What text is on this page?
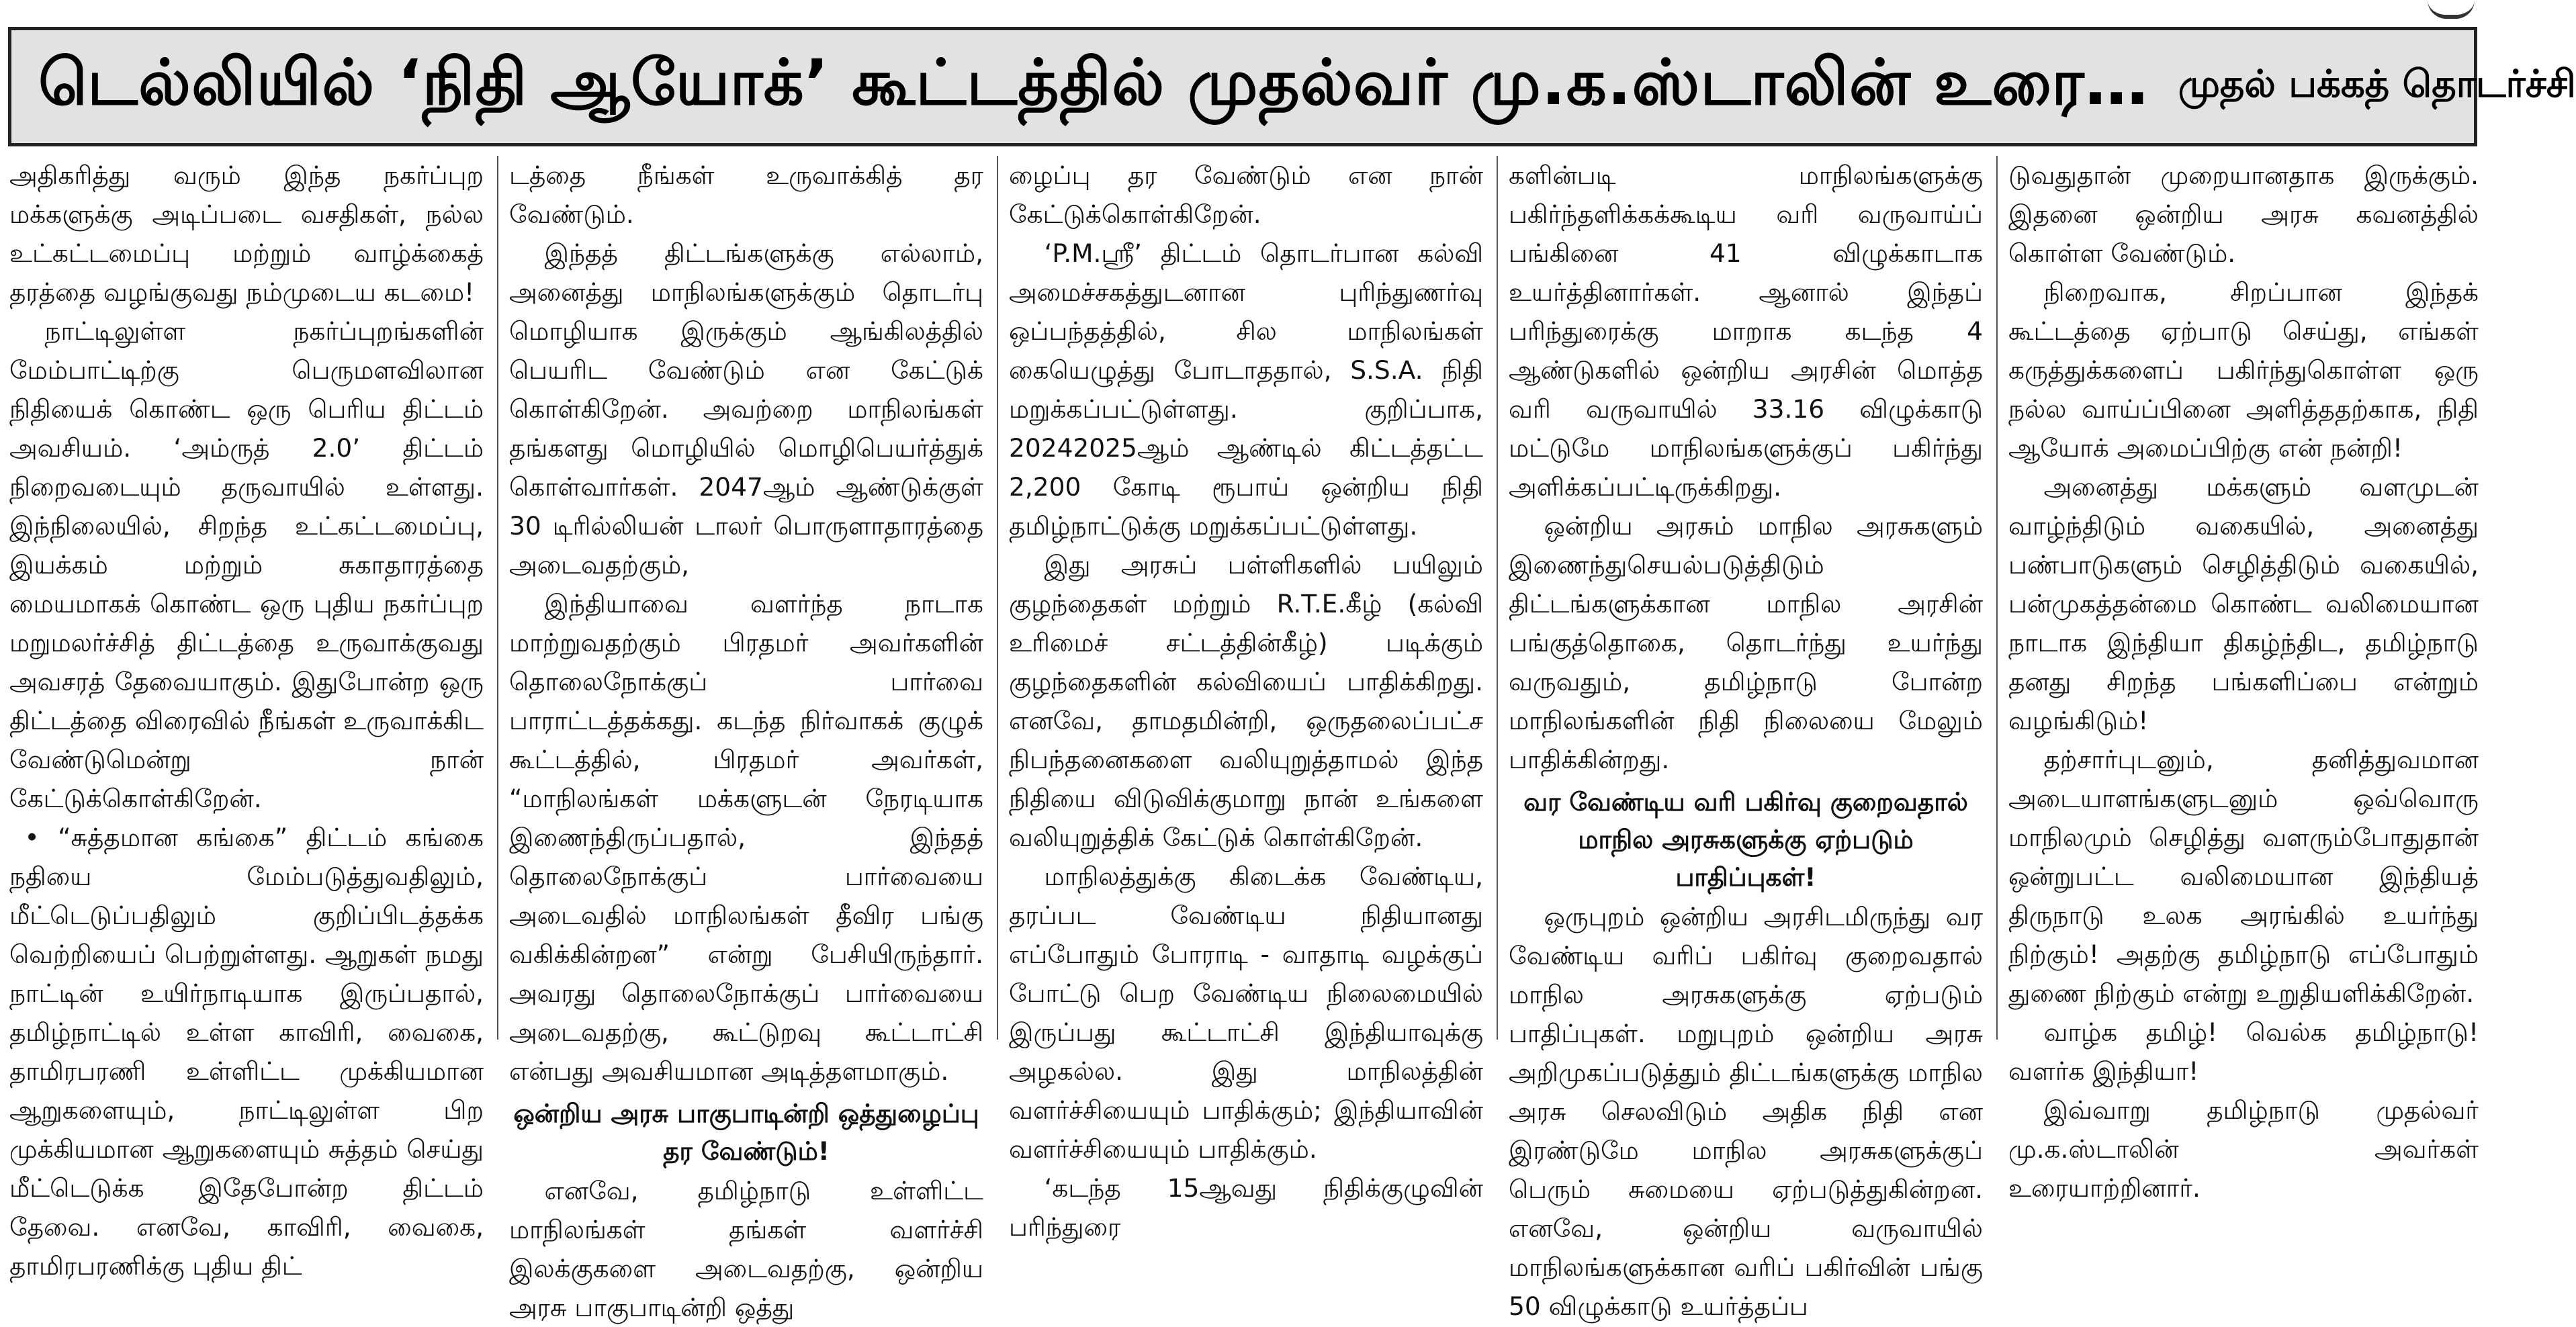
டெல்லியில் ‘நிதி ஆயோக்’ கூட்டத்தில் முதல்வர் மு.க.ஸ்டாலின் உரை… முதல் பக்கத் தொடர்ச்சி

அதிகரித்து வரும் இந்த நகர்ப்புற மக்களுக்கு அடிப்படை வசதிகள், நல்ல உட்கட்டமைப்பு மற்றும் வாழ்க்கைத் தரத்தை வழங்குவது நம்முடைய கடமை!

நாட்டிலுள்ள நகர்ப்புறங்களின் மேம்பாட்டிற்கு பெருமளவிலான நிதியைக் கொண்ட ஒரு பெரிய திட்டம் அவசியம். ‘அம்ருத் 2.0’ திட்டம் நிறைவடையும் தருவாயில் உள்ளது. இந்நிலையில், சிறந்த உட்கட்டமைப்பு, இயக்கம் மற்றும் சுகாதாரத்தை மையமாகக் கொண்ட ஒரு புதிய நகர்ப்புற மறுமலர்ச்சித் திட்டத்தை உருவாக்குவது அவசரத் தேவையாகும். இதுபோன்ற ஒரு திட்டத்தை விரைவில் நீங்கள் உருவாக்கிட வேண்டுமென்று நான் கேட்டுக்கொள்கிறேன்.

• “சுத்தமான கங்கை” திட்டம் கங்கை நதியை மேம்படுத்துவதிலும், மீட்டெடுப்பதிலும் குறிப்பிடத்தக்க வெற்றியைப் பெற்றுள்ளது. ஆறுகள் நமது நாட்டின் உயிர்நாடியாக இருப்பதால், தமிழ்நாட்டில் உள்ள காவிரி, வைகை, தாமிரபரணி உள்ளிட்ட முக்கியமான ஆறுகளையும், நாட்டிலுள்ள பிற முக்கியமான ஆறுகளையும் சுத்தம் செய்து மீட்டெடுக்க இதேபோன்ற திட்டம் தேவை. எனவே, காவிரி, வைகை, தாமிரபரணிக்கு புதிய திட்

டத்தை நீங்கள் உருவாக்கித் தர வேண்டும்.

இந்தத் திட்டங்களுக்கு எல்லாம், அனைத்து மாநிலங்களுக்கும் தொடர்பு மொழியாக இருக்கும் ஆங்கிலத்தில் பெயரிட வேண்டும் என கேட்டுக் கொள்கிறேன். அவற்றை மாநிலங்கள் தங்களது மொழியில் மொழிபெயர்த்துக் கொள்வார்கள். 2047ஆம் ஆண்டுக்குள் 30 டிரில்லியன் டாலர் பொருளாதாரத்தை அடைவதற்கும்,

இந்தியாவை வளர்ந்த நாடாக மாற்றுவதற்கும் பிரதமர் அவர்களின் தொலைநோக்குப் பார்வை பாராட்டத்தக்கது. கடந்த நிர்வாகக் குழுக் கூட்டத்தில், பிரதமர் அவர்கள், “மாநிலங்கள் மக்களுடன் நேரடியாக இணைந்திருப்பதால், இந்தத் தொலைநோக்குப் பார்வையை அடைவதில் மாநிலங்கள் தீவிர பங்கு வகிக்கின்றன” என்று பேசியிருந்தார். அவரது தொலைநோக்குப் பார்வையை அடைவதற்கு, கூட்டுறவு கூட்டாட்சி என்பது அவசியமான அடித்தளமாகும்.

ஒன்றிய அரசு பாகுபாடின்றி ஒத்துழைப்பு தர வேண்டும்!

எனவே, தமிழ்நாடு உள்ளிட்ட மாநிலங்கள் தங்கள் வளர்ச்சி இலக்குகளை அடைவதற்கு, ஒன்றிய அரசு பாகுபாடின்றி ஒத்து

ழைப்பு தர வேண்டும் என நான் கேட்டுக்கொள்கிறேன்.

‘P.M.ஸ்ரீ’ திட்டம் தொடர்பான கல்வி அமைச்சகத்துடனான புரிந்துணர்வு ஒப்பந்தத்தில், சில மாநிலங்கள் கையெழுத்து போடாததால், S.S.A. நிதி மறுக்கப்பட்டுள்ளது. குறிப்பாக, 20242025ஆம் ஆண்டில் கிட்டத்தட்ட 2,200 கோடி ரூபாய் ஒன்றிய நிதி தமிழ்நாட்டுக்கு மறுக்கப்பட்டுள்ளது.

இது அரசுப் பள்ளிகளில் பயிலும் குழந்தைகள் மற்றும் R.T.E.கீழ் (கல்வி உரிமைச் சட்டத்தின்கீழ்) படிக்கும் குழந்தைகளின் கல்வியைப் பாதிக்கிறது. எனவே, தாமதமின்றி, ஒருதலைப்பட்ச நிபந்தனைகளை வலியுறுத்தாமல் இந்த நிதியை விடுவிக்குமாறு நான் உங்களை வலியுறுத்திக் கேட்டுக் கொள்கிறேன்.

மாநிலத்துக்கு கிடைக்க வேண்டிய, தரப்பட வேண்டிய நிதியானது எப்போதும் போராடி - வாதாடி வழக்குப் போட்டு பெற வேண்டிய நிலைமையில் இருப்பது கூட்டாட்சி இந்தியாவுக்கு அழகல்ல. இது மாநிலத்தின் வளர்ச்சியையும் பாதிக்கும்; இந்தியாவின் வளர்ச்சியையும் பாதிக்கும்.

‘கடந்த 15ஆவது நிதிக்குழுவின் பரிந்துரை

களின்படி மாநிலங்களுக்கு பகிர்ந்தளிக்கக்கூடிய வரி வருவாய்ப் பங்கினை 41 விழுக்காடாக உயர்த்தினார்கள். ஆனால் இந்தப் பரிந்துரைக்கு மாறாக கடந்த 4 ஆண்டுகளில் ஒன்றிய அரசின் மொத்த வரி வருவாயில் 33.16 விழுக்காடு மட்டுமே மாநிலங்களுக்குப் பகிர்ந்து அளிக்கப்பட்டிருக்கிறது.

ஒன்றிய அரசும் மாநில அரசுகளும் இணைந்துசெயல்படுத்திடும் திட்டங்களுக்கான மாநில அரசின் பங்குத்தொகை, தொடர்ந்து உயர்ந்து வருவதும், தமிழ்நாடு போன்ற மாநிலங்களின் நிதி நிலையை மேலும் பாதிக்கின்றது.

வர வேண்டிய வரி பகிர்வு குறைவதால் மாநில அரசுகளுக்கு ஏற்படும் பாதிப்புகள்!

ஒருபுறம் ஒன்றிய அரசிடமிருந்து வர வேண்டிய வரிப் பகிர்வு குறைவதால் மாநில அரசுகளுக்கு ஏற்படும் பாதிப்புகள். மறுபுறம் ஒன்றிய அரசு அறிமுகப்படுத்தும் திட்டங்களுக்கு மாநில அரசு செலவிடும் அதிக நிதி என இரண்டுமே மாநில அரசுகளுக்குப் பெரும் சுமையை ஏற்படுத்துகின்றன. எனவே, ஒன்றிய வருவாயில் மாநிலங்களுக்கான வரிப் பகிர்வின் பங்கு 50 விழுக்காடு உயர்த்தப்ப

டுவதுதான் முறையானதாக இருக்கும். இதனை ஒன்றிய அரசு கவனத்தில் கொள்ள வேண்டும்.

நிறைவாக, சிறப்பான இந்தக் கூட்டத்தை ஏற்பாடு செய்து, எங்கள் கருத்துக்களைப் பகிர்ந்துகொள்ள ஒரு நல்ல வாய்ப்பினை அளித்ததற்காக, நிதி ஆயோக் அமைப்பிற்கு என் நன்றி!

அனைத்து மக்களும் வளமுடன் வாழ்ந்திடும் வகையில், அனைத்து பண்பாடுகளும் செழித்திடும் வகையில், பன்முகத்தன்மை கொண்ட வலிமையான நாடாக இந்தியா திகழ்ந்திட, தமிழ்நாடு தனது சிறந்த பங்களிப்பை என்றும் வழங்கிடும்!

தற்சார்புடனும், தனித்துவமான அடையாளங்களுடனும் ஒவ்வொரு மாநிலமும் செழித்து வளரும்போதுதான் ஒன்றுபட்ட வலிமையான இந்தியத் திருநாடு உலக அரங்கில் உயர்ந்து நிற்கும்! அதற்கு தமிழ்நாடு எப்போதும் துணை நிற்கும் என்று உறுதியளிக்கிறேன்.

வாழ்க தமிழ்! வெல்க தமிழ்நாடு! வளர்க இந்தியா!

இவ்வாறு தமிழ்நாடு முதல்வர் மு.க.ஸ்டாலின் அவர்கள் உரையாற்றினார்.
